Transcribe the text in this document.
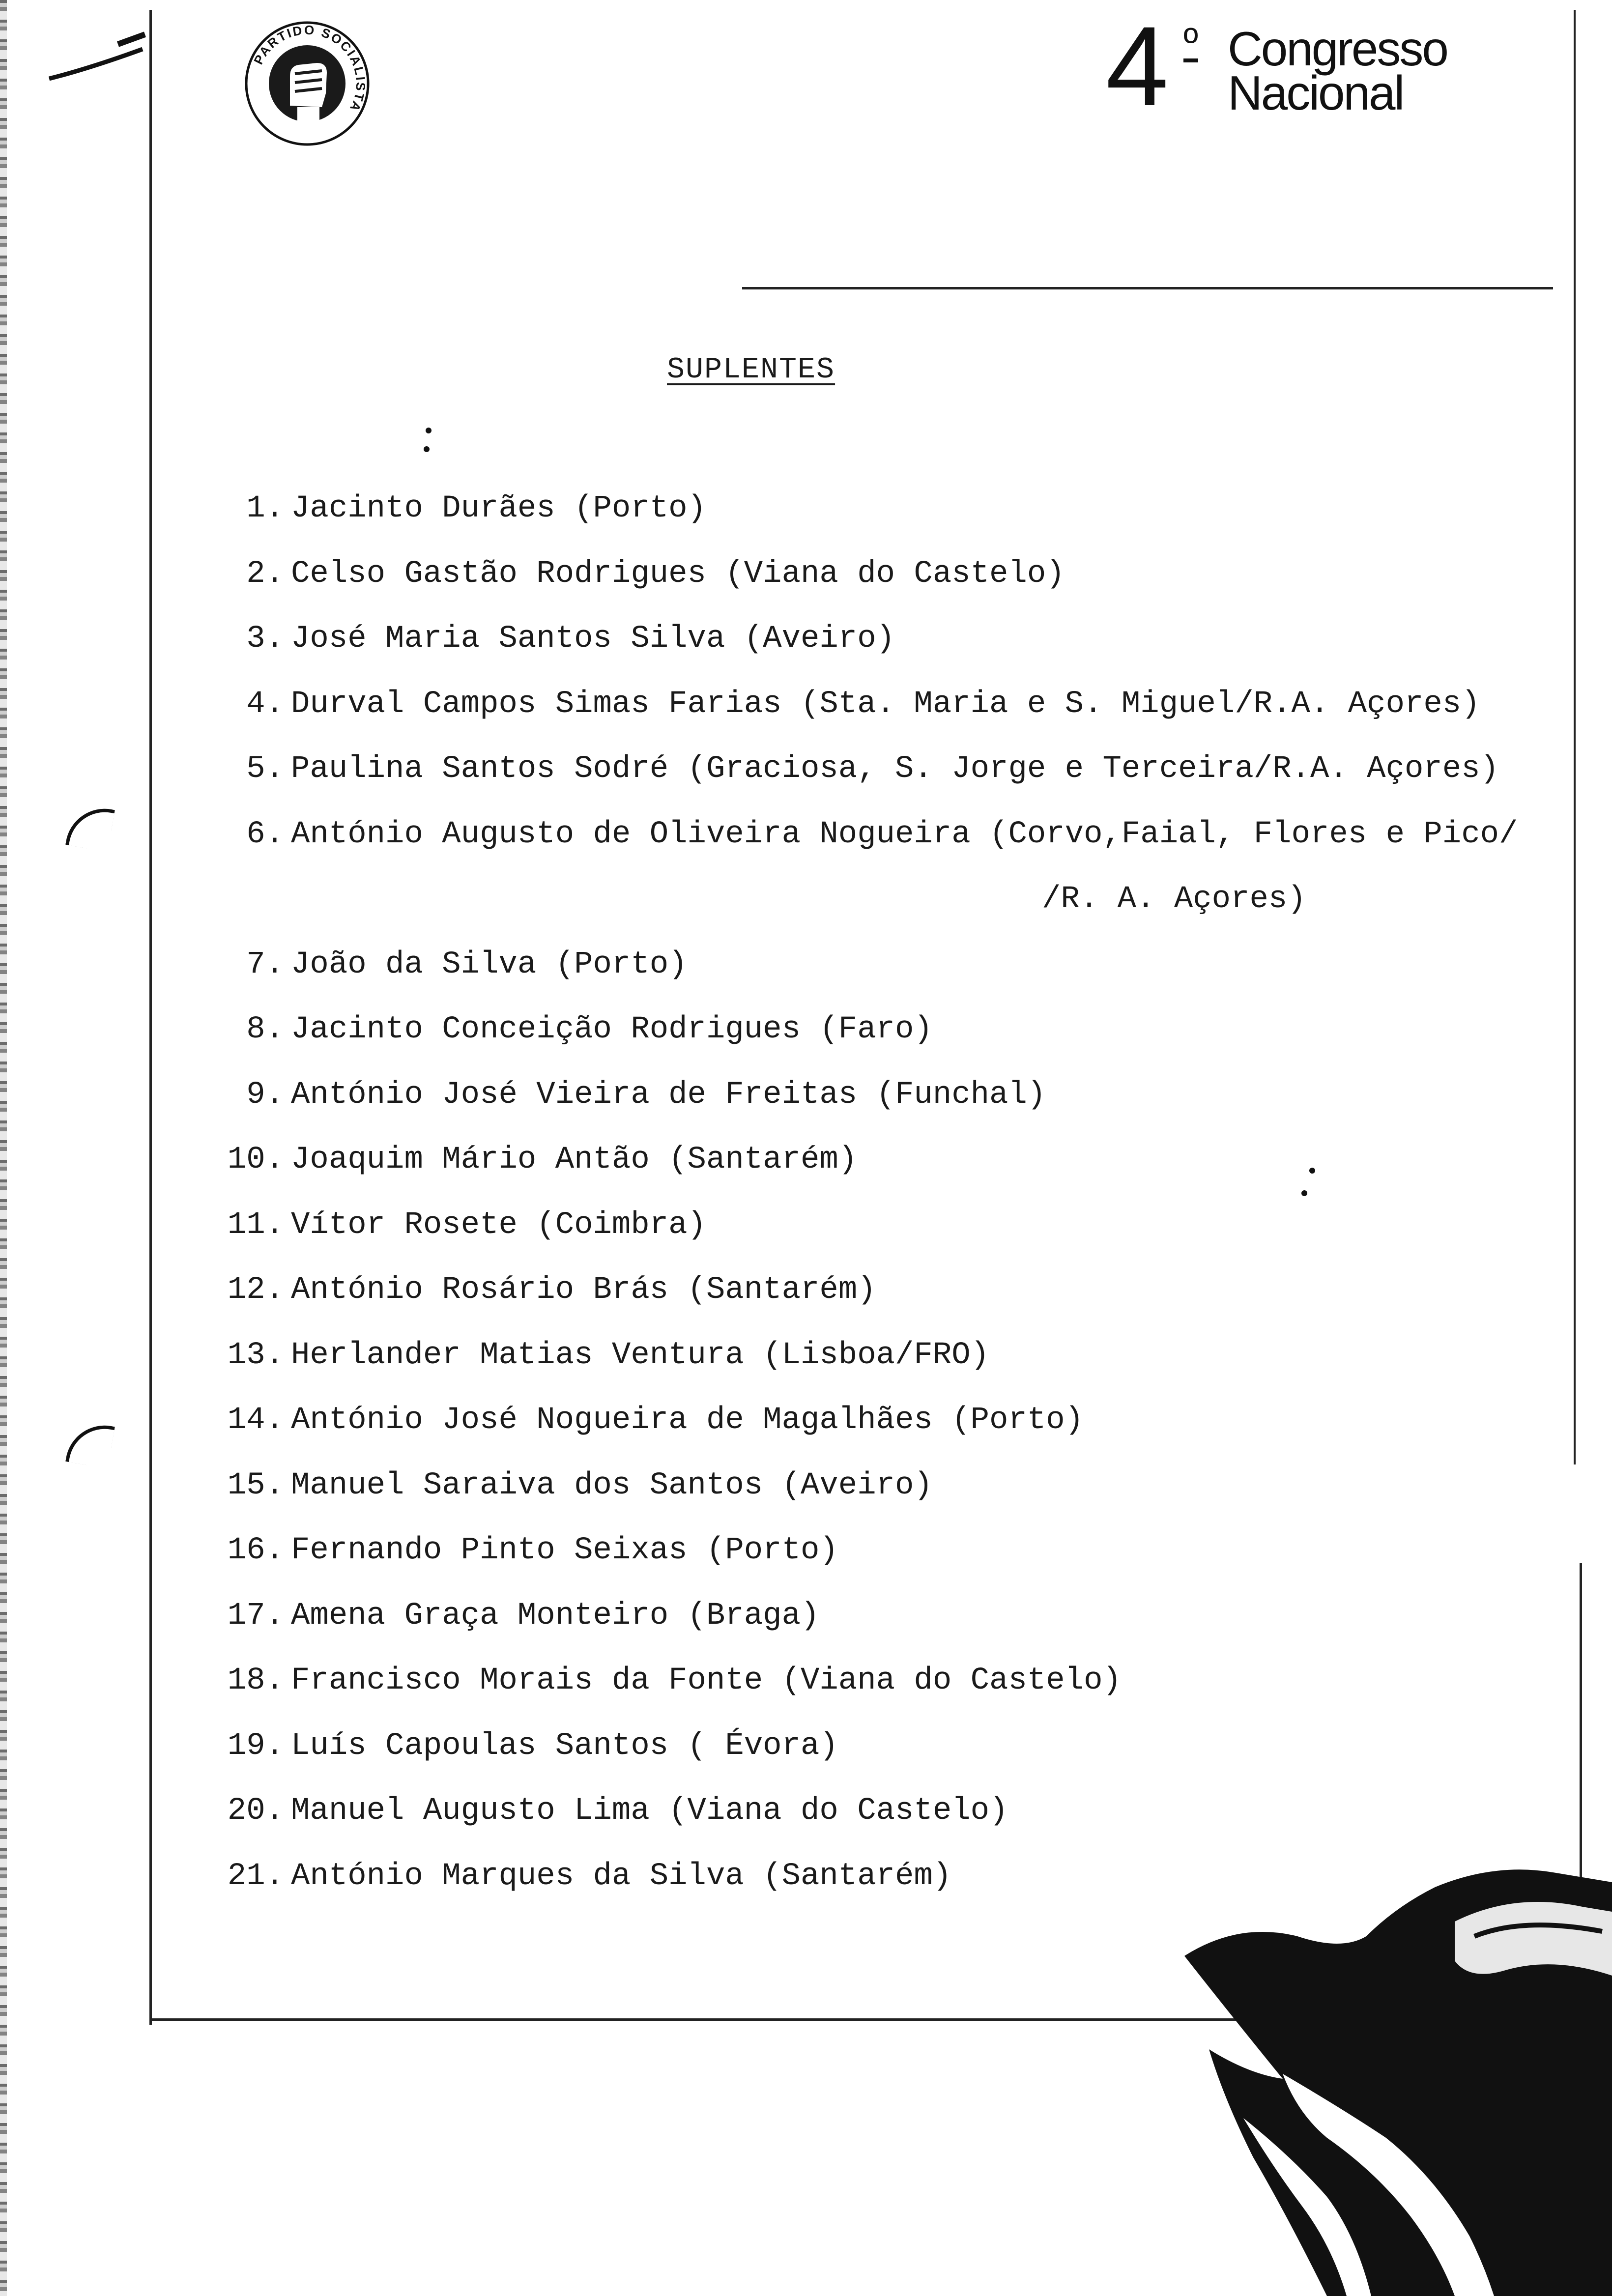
PARTIDO SOCIALISTA	4 º Congresso
Nacional
SUPLENTES
1. Jacinto Durães (Porto)
2. Celso Gastão Rodrigues (Viana do Castelo)
3. José Maria Santos Silva (Aveiro)
4. Durval Campos Simas Farias (Sta. Maria e S. Miguel/R.A. Açores)
5. Paulina Santos Sodré (Graciosa, S. Jorge e Terceira/R.A. Açores)
6. António Augusto de Oliveira Nogueira (Corvo,Faial, Flores e Pico/
/R. A. Açores)
7. João da Silva (Porto)
8. Jacinto Conceição Rodrigues (Faro)
9. António José Vieira de Freitas (Funchal)
10. Joaquim Mário Antão (Santarém)
11. Vítor Rosete (Coimbra)
12. António Rosário Brás (Santarém)
13. Herlander Matias Ventura (Lisboa/FRO)
14. António José Nogueira de Magalhães (Porto)
15. Manuel Saraiva dos Santos (Aveiro)
16. Fernando Pinto Seixas (Porto)
17. Amena Graça Monteiro (Braga)
18. Francisco Morais da Fonte (Viana do Castelo)
19. Luís Capoulas Santos ( Évora)
20. Manuel Augusto Lima (Viana do Castelo)
21. António Marques da Silva (Santarém)
